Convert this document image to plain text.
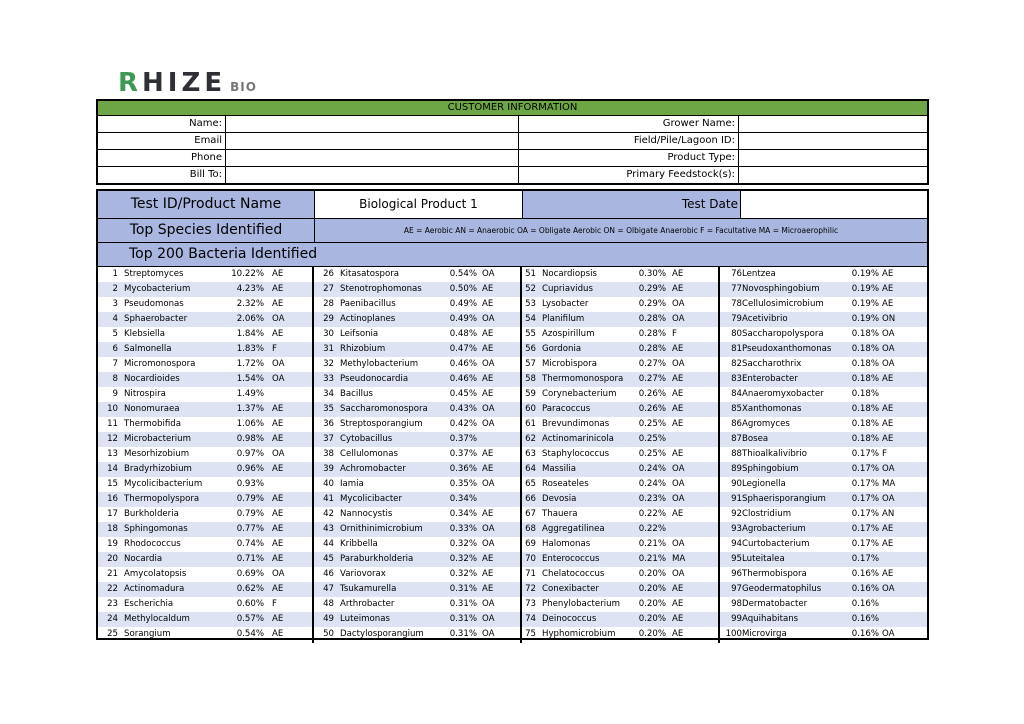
RHIZE BIO
CUSTOMER INFORMATION
Name:	Grower Name:
Email	Field/Pile/Lagoon ID:
Phone	Product Type:
Bill To:	Primary Feedstock(s):
Test ID/Product Name	Biological Product 1	Test Date
Top Species Identified	AE = Aerobic AN = Anaerobic OA = Obligate Aerobic ON = Olbigate Anaerobic F = Facultative MA = Microaerophilic
Top 200 Bacteria Identified
1 Streptomyces	10.22% AE
2 Mycobacterium	4.23% AE
3 Pseudomonas	2.32% AE
4 Sphaerobacter	2.06% OA
5 Klebsiella	1.84% AE
6 Salmonella	1.83% F
7 Micromonospora	1.72% OA
8 Nocardioides	1.54% OA
9 Nitrospira	1.49%
10 Nonomuraea	1.37% AE
11 Thermobifida	1.06% AE
12 Microbacterium	0.98% AE
13 Mesorhizobium	0.97% OA
14 Bradyrhizobium	0.96% AE
15 Mycolicibacterium	0.93%
16 Thermopolyspora	0.79% AE
17 Burkholderia	0.79% AE
18 Sphingomonas	0.77% AE
19 Rhodococcus	0.74% AE
20 Nocardia	0.71% AE
21 Amycolatopsis	0.69% OA
22 Actinomadura	0.62% AE
23 Escherichia	0.60% F
24 Methylocaldum	0.57% AE
25 Sorangium	0.54% AE
26 Kitasatospora	0.54% OA
27 Stenotrophomonas	0.50% AE
28 Paenibacillus	0.49% AE
29 Actinoplanes	0.49% OA
30 Leifsonia	0.48% AE
31 Rhizobium	0.47% AE
32 Methylobacterium	0.46% OA
33 Pseudonocardia	0.46% AE
34 Bacillus	0.45% AE
35 Saccharomonospora	0.43% OA
36 Streptosporangium	0.42% OA
37 Cytobacillus	0.37%
38 Cellulomonas	0.37% AE
39 Achromobacter	0.36% AE
40 Iamia	0.35% OA
41 Mycolicibacter	0.34%
42 Nannocystis	0.34% AE
43 Ornithinimicrobium	0.33% OA
44 Kribbella	0.32% OA
45 Paraburkholderia	0.32% AE
46 Variovorax	0.32% AE
47 Tsukamurella	0.31% AE
48 Arthrobacter	0.31% OA
49 Luteimonas	0.31% OA
50 Dactylosporangium	0.31% OA
51 Nocardiopsis	0.30% AE
52 Cupriavidus	0.29% AE
53 Lysobacter	0.29% OA
54 Planifilum	0.28% OA
55 Azospirillum	0.28% F
56 Gordonia	0.28% AE
57 Microbispora	0.27% OA
58 Thermomonospora 0.27% AE
59 Corynebacterium	0.26% AE
60 Paracoccus	0.26% AE
61 Brevundimonas	0.25% AE
62 Actinomarinicola	0.25%
63 Staphylococcus	0.25% AE
64 Massilia	0.24% OA
65 Roseateles	0.24% OA
66 Devosia	0.23% OA
67 Thauera	0.22% AE
68 Aggregatilinea	0.22%
69 Halomonas	0.21% OA
70 Enterococcus	0.21% MA
71 Chelatococcus	0.20% OA
72 Conexibacter	0.20% AE
73 Phenylobacterium 0.20% AE
74 Deinococcus	0.20% AE
75 Hyphomicrobium	0.20% AE
76 Lentzea	0.19% AE
77 Novosphingobium	0.19% AE
78 Cellulosimicrobium	0.19% AE
79 Acetivibrio	0.19% ON
80 Saccharopolyspora	0.18% OA
81 Pseudoxanthomonas 0.18% OA
82 Saccharothrix	0.18% OA
83 Enterobacter	0.18% AE
84 Anaeromyxobacter	0.18%
85 Xanthomonas	0.18% AE
86 Agromyces	0.18% AE
87 Bosea	0.18% AE
88 Thioalkalivibrio	0.17% F
89 Sphingobium	0.17% OA
90 Legionella	0.17% MA
91 Sphaerisporangium	0.17% OA
92 Clostridium	0.17% AN
93 Agrobacterium	0.17% AE
94 Curtobacterium	0.17% AE
95 Luteitalea	0.17%
96 Thermobispora	0.16% AE
97 Geodermatophilus	0.16% OA
98 Dermatobacter	0.16%
99 Aquihabitans	0.16%
100 Microvirga	0.16% OA
